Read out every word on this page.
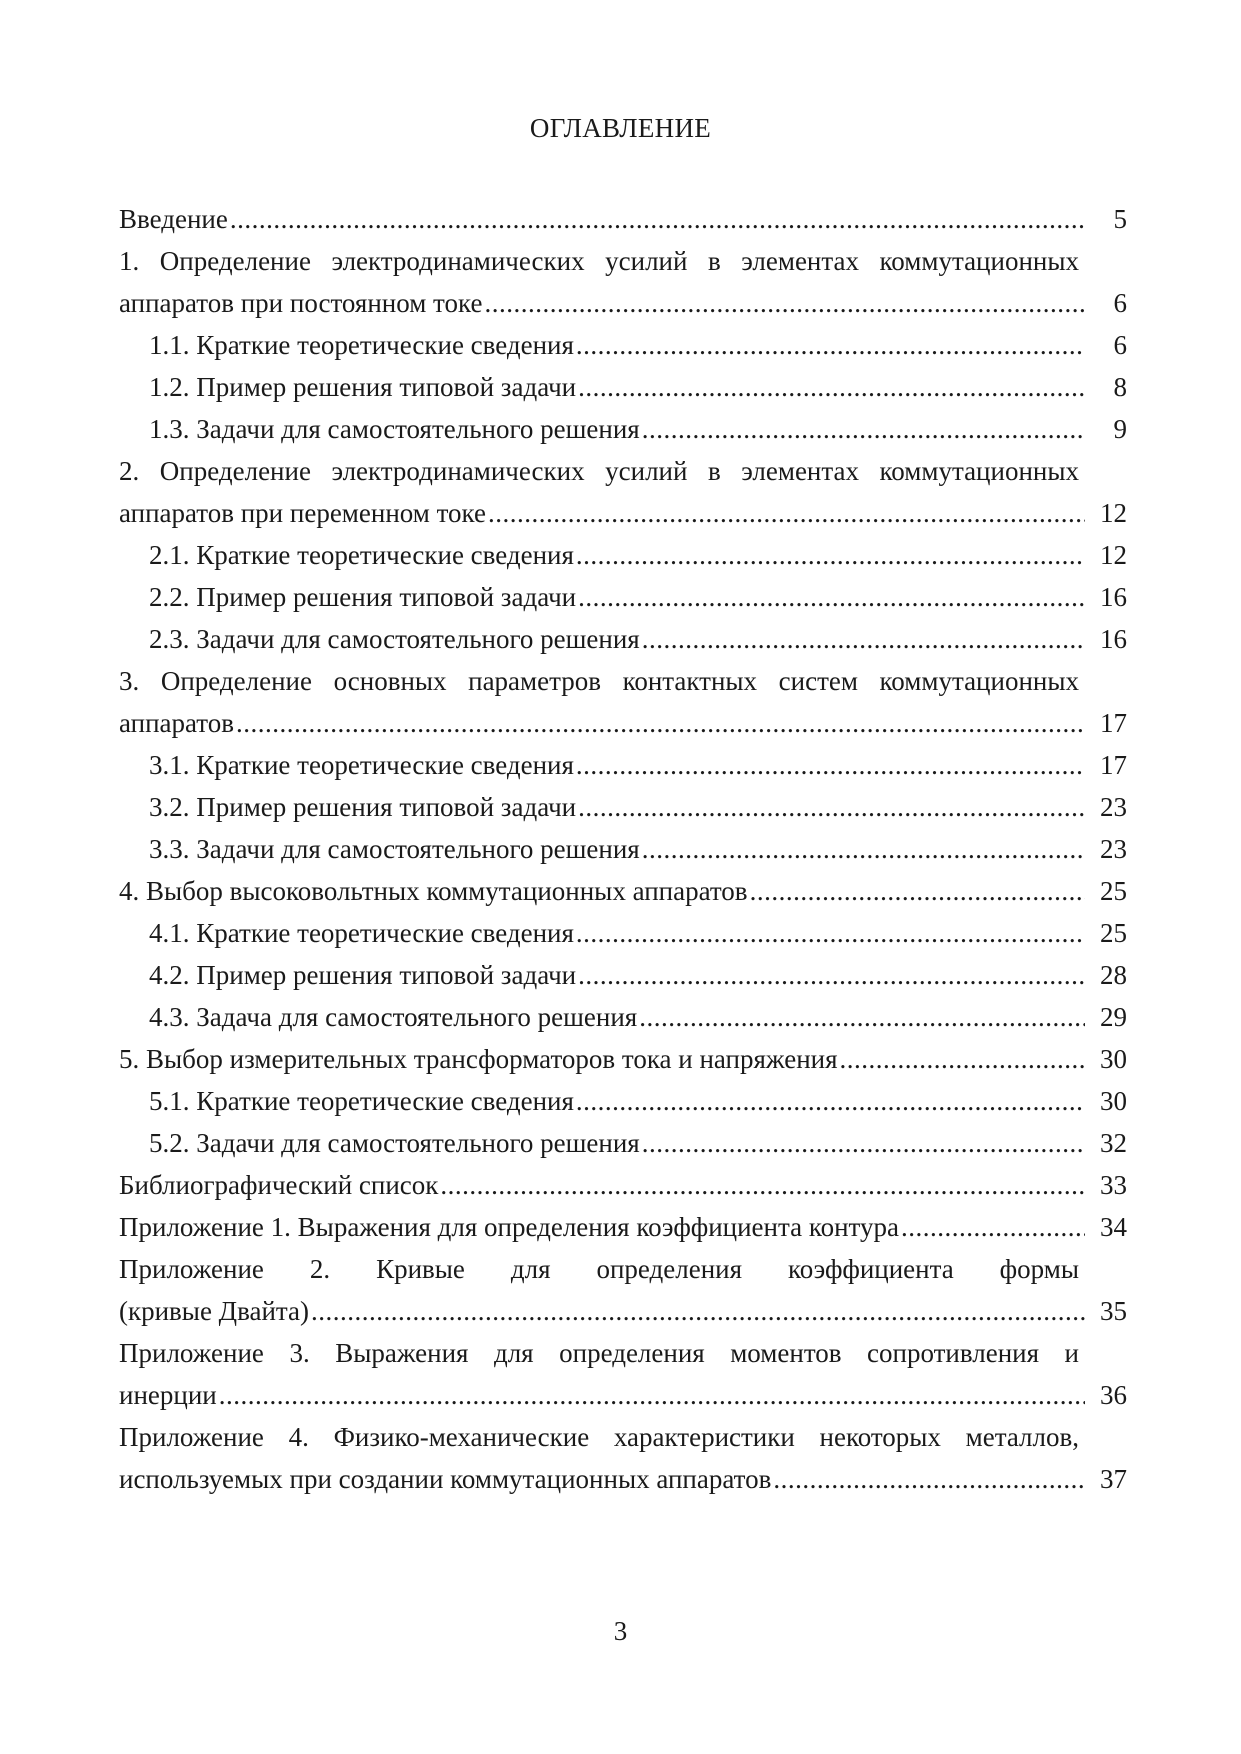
ОГЛАВЛЕНИЕ
Введение .....	5
1. Определение электродинамических усилий в элементах коммутационных
аппаратов при постоянном токе .....	6
1.1. Краткие теоретические сведения .....	6
1.2. Пример решения типовой задачи .....	8
1.3. Задачи для самостоятельного решения .....	9
2. Определение электродинамических усилий в элементах коммутационных
аппаратов при переменном токе .....	12
2.1. Краткие теоретические сведения .....	12
2.2. Пример решения типовой задачи .....	16
2.3. Задачи для самостоятельного решения .....	16
3. Определение основных параметров контактных систем коммутационных
аппаратов .....	17
3.1. Краткие теоретические сведения .....	17
3.2. Пример решения типовой задачи .....	23
3.3. Задачи для самостоятельного решения .....	23
4. Выбор высоковольтных коммутационных аппаратов .....	25
4.1. Краткие теоретические сведения .....	25
4.2. Пример решения типовой задачи .....	28
4.3. Задача для самостоятельного решения .....	29
5. Выбор измерительных трансформаторов тока и напряжения .....	30
5.1. Краткие теоретические сведения .....	30
5.2. Задачи для самостоятельного решения .....	32
Библиографический список .....	33
Приложение 1. Выражения для определения коэффициента контура .....	34
Приложение 2. Кривые для определения коэффициента формы
(кривые Двайта) .....	35
Приложение 3. Выражения для определения моментов сопротивления и
инерции .....	36
Приложение 4. Физико-механические характеристики некоторых металлов,
используемых при создании коммутационных аппаратов .....	37
3
